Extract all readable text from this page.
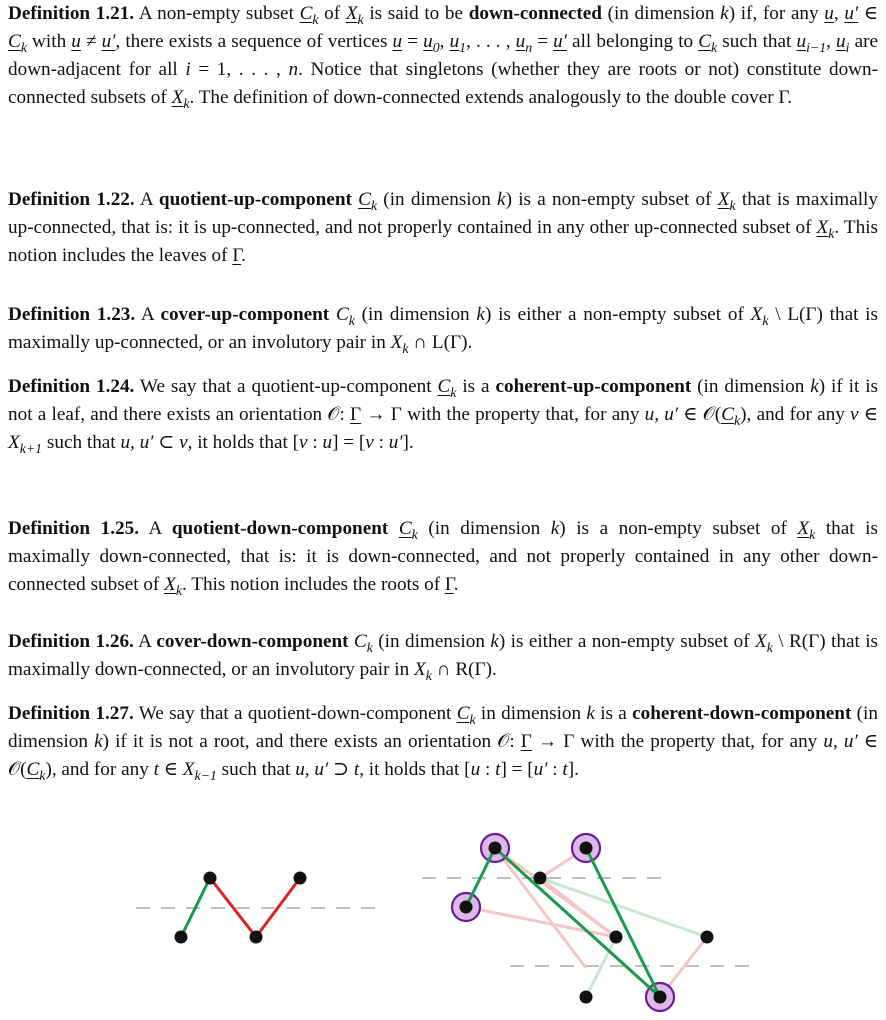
Definition 1.21. A non-empty subset $C_k$ of $X_k$ is said to be down-connected (in dimension k) if, for any u, u′ ∈ $C_k$ with u ≠ u′, there exists a sequence of vertices $u = u_0$, $u_1$, . . . , $u_n = u'$ all belonging to $C_k$ such that $u_{i-1}$, $u_i$ are down-adjacent for all i = 1, . . . , n. Notice that singletons (whether they are roots or not) constitute down-connected subsets of $X_k$. The definition of down-connected extends analogously to the double cover Γ.

Definition 1.22. A quotient-up-component $C_k$ (in dimension k) is a non-empty subset of $X_k$ that is maximally up-connected, that is: it is up-connected, and not properly contained in any other up-connected subset of $X_k$. This notion includes the leaves of Γ.

Definition 1.23. A cover-up-component $C_k$ (in dimension k) is either a non-empty subset of $X_k$ \ L(Γ) that is maximally up-connected, or an involutory pair in $X_k$ ∩ L(Γ).

Definition 1.24. We say that a quotient-up-component $C_k$ is a coherent-up-component (in dimension k) if it is not a leaf, and there exists an orientation 𝒪: Γ → Γ with the property that, for any u, u′ ∈ $𝒪(C_k)$, and for any v ∈ $X_{k+1}$ such that u, u′ ⊂ v, it holds that [v : u] = [v : u′].

Definition 1.25. A quotient-down-component $C_k$ (in dimension k) is a non-empty subset of $X_k$ that is maximally down-connected, that is: it is down-connected, and not properly contained in any other down-connected subset of $X_k$. This notion includes the roots of Γ.

Definition 1.26. A cover-down-component $C_k$ (in dimension k) is either a non-empty subset of $X_k$ \ R(Γ) that is maximally down-connected, or an involutory pair in $X_k$ ∩ R(Γ).

Definition 1.27. We say that a quotient-down-component $C_k$ in dimension k is a coherent-down-component (in dimension k) if it is not a root, and there exists an orientation 𝒪: Γ → Γ with the property that, for any u, u′ ∈ $𝒪(C_k)$, and for any t ∈ $X_{k-1}$ such that u, u′ ⊃ t, it holds that [u : t] = [u′ : t].
